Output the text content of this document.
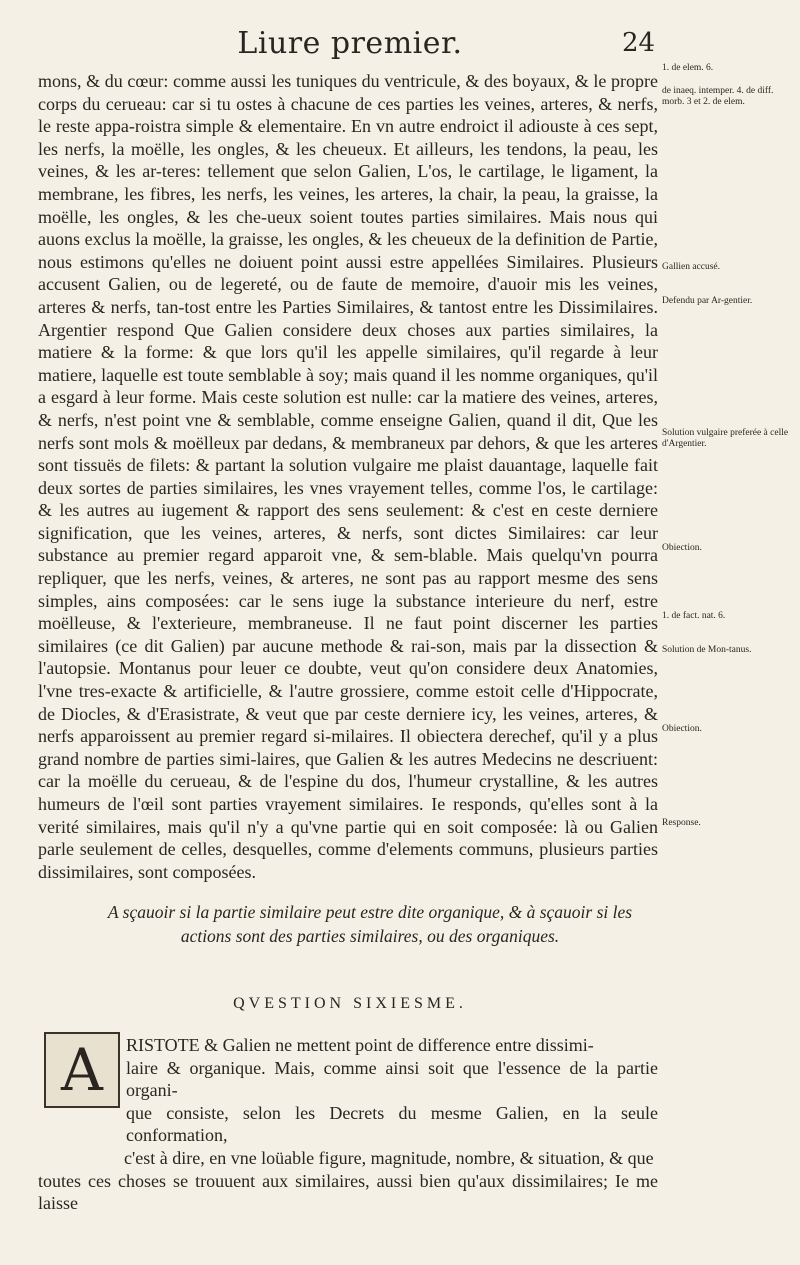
Liure premier.	24

mons, & du cœur: comme aussi les tuniques du ventricule, & des boyaux, & le propre corps du cerueau: car si tu ostes à chacune de ces parties les veines, arteres, & nerfs, le reste appa-roistra simple & elementaire. En vn autre endroict il adiouste à ces sept, les nerfs, la moëlle, les ongles, & les cheueux. Et ailleurs, les tendons, la peau, les veines, & les ar-teres: tellement que selon Galien, L'os, le cartilage, le ligament, la membrane, les fibres, les nerfs, les veines, les arteres, la chair, la peau, la graisse, la moëlle, les ongles, & les che-ueux soient toutes parties similaires. Mais nous qui auons exclus la moëlle, la graisse, les ongles, & les cheueux de la definition de Partie, nous estimons qu'elles ne doiuent point aussi estre appellées Similaires. Plusieurs accusent Galien, ou de legereté, ou de faute de memoire, d'auoir mis les veines, arteres & nerfs, tan-tost entre les Parties Similaires, & tantost entre les Dissimilaires. Argentier respond Que Galien considere deux choses aux parties similaires, la matiere & la forme: & que lors qu'il les appelle similaires, qu'il regarde à leur matiere, laquelle est toute semblable à soy; mais quand il les nomme organiques, qu'il a esgard à leur forme. Mais ceste solution est nulle: car la matiere des veines, arteres, & nerfs, n'est point vne & semblable, comme enseigne Galien, quand il dit, Que les nerfs sont mols & moëlleux par dedans, & membraneux par dehors, & que les arteres sont tissuës de filets: & partant la solution vulgaire me plaist dauantage, laquelle fait deux sortes de parties similaires, les vnes vrayement telles, comme l'os, le cartilage: & les autres au iugement & rapport des sens seulement: & c'est en ceste derniere signification, que les veines, arteres, & nerfs, sont dictes Similaires: car leur substance au premier regard apparoit vne, & sem-blable. Mais quelqu'vn pourra repliquer, que les nerfs, veines, & arteres, ne sont pas au rapport mesme des sens simples, ains composées: car le sens iuge la substance interieure du nerf, estre moëlleuse, & l'exterieure, membraneuse. Il ne faut point discerner les parties similaires (ce dit Galien) par aucune methode & rai-son, mais par la dissection & l'autopsie. Montanus pour leuer ce doubte, veut qu'on considere deux Anatomies, l'vne tres-exacte & artificielle, & l'autre grossiere, comme estoit celle d'Hippocrate, de Diocles, & d'Erasistrate, & veut que par ceste derniere icy, les veines, arteres, & nerfs apparoissent au premier regard si-milaires. Il obiectera derechef, qu'il y a plus grand nombre de parties simi-laires, que Galien & les autres Medecins ne descriuent: car la moëlle du cerueau, & de l'espine du dos, l'humeur crystalline, & les autres humeurs de l'œil sont parties vrayement similaires. Ie responds, qu'elles sont à la verité similaires, mais qu'il n'y a qu'vne partie qui en soit composée: là ou Galien parle seulement de celles, desquelles, comme d'elements communs, plusieurs parties dissimilaires, sont composées.

1. de elem. 6.
de inaeq. intemper. 4. de diff. morb. 3 et 2. de elem.
Gallien accusé.
Defendu par Ar-gentier.
Solution vulgaire preferée à celle d'Argentier.
Obiection.
1. de fact. nat. 6.
Solution de Mon-tanus.
Obiection.
Response.
A sçauoir si la partie similaire peut estre dite organique, & à sçauoir si les actions sont des parties similaires, ou des organiques.
QVESTION SIXIESME.
A	RISTOTE & Galien ne mettent point de difference entre dissimi-
laire & organique. Mais, comme ainsi soit que l'essence de la partie organi-
que consiste, selon les Decrets du mesme Galien, en la seule conformation,
c'est à dire, en vne loüable figure, magnitude, nombre, & situation, & que
toutes ces choses se trouuent aux similaires, aussi bien qu'aux dissimilaires; Ie me laisse
